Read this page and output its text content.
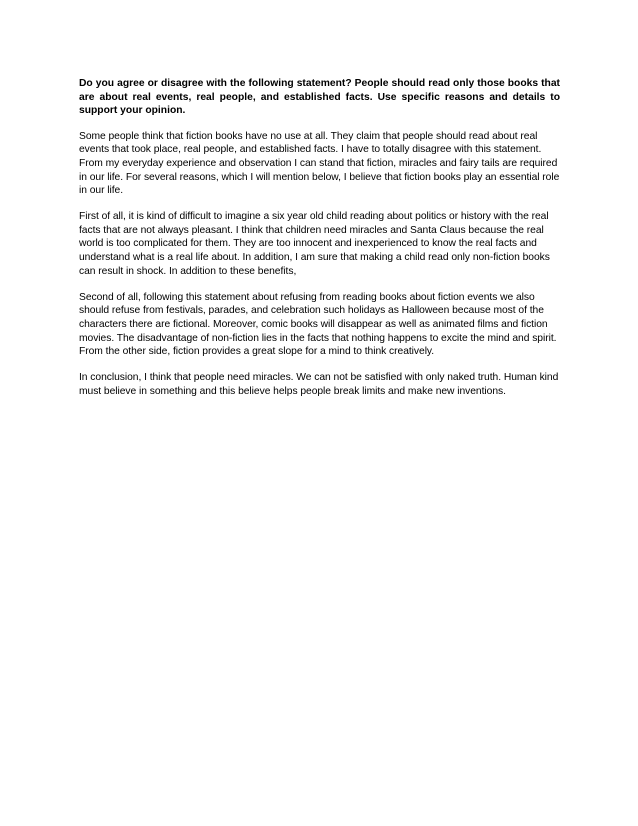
Do you agree or disagree with the following statement? People should read only those books that are about real events, real people, and established facts. Use specific reasons and details to support your opinion.

Some people think that fiction books have no use at all. They claim that people should read about real events that took place, real people, and established facts. I have to totally disagree with this statement. From my everyday experience and observation I can stand that fiction, miracles and fairy tails are required in our life. For several reasons, which I will mention below, I believe that fiction books play an essential role in our life.

First of all, it is kind of difficult to imagine a six year old child reading about politics or history with the real facts that are not always pleasant. I think that children need miracles and Santa Claus because the real world is too complicated for them. They are too innocent and inexperienced to know the real facts and understand what is a real life about. In addition, I am sure that making a child read only non-fiction books can result in shock. In addition to these benefits,

Second of all, following this statement about refusing from reading books about fiction events we also should refuse from festivals, parades, and celebration such holidays as Halloween because most of the characters there are fictional. Moreover, comic books will disappear as well as animated films and fiction movies. The disadvantage of non-fiction lies in the facts that nothing happens to excite the mind and spirit. From the other side, fiction provides a great slope for a mind to think creatively.

In conclusion, I think that people need miracles. We can not be satisfied with only naked truth. Human kind must believe in something and this believe helps people break limits and make new inventions.
